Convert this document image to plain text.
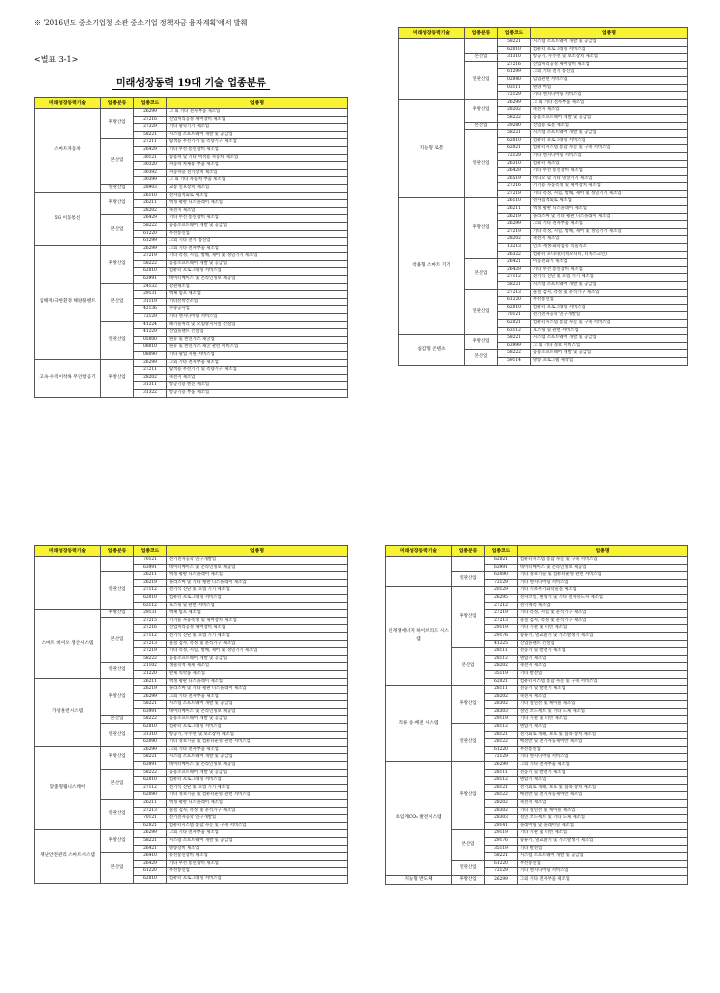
※ '2016년도 중소기업청 소관 중소기업 정책자금 융자계획'에서 발췌
<별표 3-1>
미래성장동력 19대 기술 업종분류
미래성장동력기술	업종분류	업종코드	업종명
스마트자동차	후방산업	26299	그 외 기타 전자부품 제조업
		27216	산업처리공정 제어장비 제조업
		27329	기타 광학기기 제조업
		58221	시스템 소프트웨어 개발 및 공급업
	본산업	27211	탐색용 무선기기 및 측량기구 제조업
		26429	기타 무선 통신장비 제조업
		30121	승용차 및 기타 여객용 자동차 제조업
		30320	자동차 차체용 부품 제조업
		30392	자동차용 전기장치 제조업
		30399	그 외 기타 자동차 부품 제조업
	연관산업	28903	교통 신호장치 제조업
5G 이동통신	후방산업	26110	전자집적회로 제조업
		26211	액정 평판 디스플레이 제조업
		28202	축전지 제조업
	본산업	26429	기타 무선 통신장비 제조업
		58222	응용소프트웨어 개발 및 공급업
		61220	무선통신업
		61299	그외 기타 전기 통신업
심해저/극한환경 해양플랜트	후방산업	26299	그외 기타 전자부품 제조업
		27219	기타 측정, 시험, 항해, 제어 및 정밀기기 제조업
		58222	응용소프트웨어 개발 및 공급업
		62010	컴퓨터 프로그래밍 서비스업
		63991	데이터베이스 및 온라인정보 제공업
	본산업	24132	강관제조업
		29131	액체 펌프 제조업
		31119	기타선박건조업
		42136	수중공사업
		72129	기타 엔지니어링 서비스업
	연관산업	41224	폐기물처리 및 오염방지시설 건설업
		41229	산업플랜트 건설업
		05000	원유 및 천연가스 채굴업
		08010	원유 및 천연가스 채굴 관련 서비스업
		08090	기타 광업 지원 서비스업
고속·수직이착륙 무인항공기	후방산업	26299	그외 기타 전자부품 제조업
		27211	탐색용 무선기기 및 측량기구 제조업
		28202	축전지 제조업
		31311	항공기용 엔진 제조업
		31322	항공기용 부품 제조업
미래성장동력기술	업종분류	업종코드	업종명
		58221	시스템 소프트웨어 개발 및 공급업
		62010	컴퓨터 프로그래밍 서비스업
	본산업	31310	항공기, 우주선 및 보조장치 제조업
	연관산업	27216	산업처리공정 제어장비 제조업
		61299	그외 기타 전기 통신업
		02040	임업관련 서비스업
		03111	원양 어업
		72129	기타 엔지니어링 서비스업
지능형 로봇	후방산업	26299	그 외 기타 전자부품 제조업
		28202	축전지 제조업
		58222	응용소프트웨어 개발 및 공급업
	본산업	29280	산업용 로봇 제조업
	연관산업	58221	시스템 소프트웨어 개발 및 공급업
		62010	컴퓨터 프로그래밍 서비스업
		62021	컴퓨터시스템 통합 자문 및 구축 서비스업
		72129	기타 엔지니어링 서비스업
		26310	컴퓨터 제조업
		26429	기타 무선 통신장비 제조업
		26519	비디오 및 기타 영상기기 제조업
		27216	기기용 자동측정 및 제어장치 제조업
		27219	기타 측정, 시험, 항해, 제어 및 정밀기기 제조업
착용형 스마트 기기	후방산업	26110	전자집적회로 제조업
		26211	액정 평판 디스플레이 제조업
		26219	플라즈마 및 기타 평판 디스플레이 제조업
		26299	그외 기타 전자부품 제조업
		27219	기타 측정, 시험, 항해, 제어 및 정밀기기 제조업
		28202	축전지 제조업
		13213	인조·재생·화학섬유 직물직조
		26322	컴퓨터 모니터(터치모니터, 터치스크린)
	본산업	26421	이동전화기 제조업
		26429	기타 무선 통신장비 제조업
		27112	전기식 진단 및 요법 기기 제조업
		58221	시스템 소프트웨어 개발 및 공급업
	연관산업	27213	물질 검사, 측정 및 분석기구 제조업
		61220	무선통신업
		62010	컴퓨터 프로그래밍 서비스업
		70121	전기전자공학 연구개발업
		62021	컴퓨터시스템 통합 자문 및 구축 서비스업
		63112	호스팅 및 관련 서비스업
실감형 콘텐츠	후방산업	58221	시스템 소프트웨어 개발 및 공급업
		63999	그 외 기타 정보 서비스업
	본산업	58222	응용소프트웨어 개발 및 공급업
		59114	방송 프로그램 제작업
미래성장동력기술	업종분류	업종코드	업종명
		70121	전기전자공학 연구개발업
		63991	데이터베이스 및 온라인정보 제공업
	연관산업	26211	액정 평판 디스플레이 제조업
		26219	플라즈마 및 기타 평판 디스플레이 제조업
		27112	전기식 진단 및 요법 기기 제조업
		62010	컴퓨터 프로그래밍 서비스업
		63112	호스팅 및 관련 서비스업
스마트 바이오 생산시스템	후방산업	29131	액체 펌프 제조업
	본산업	27215	기기용 자동측정 및 제어장치 제조업
		27216	산업처리공정 제어장비 제조업
		27112	전기식 진단 및 요법 기기 제조업
		27213	물질 검사, 측정 및 분석기구 제조업
		27219	기타 측정, 시험, 항해, 제어 및 정밀기기 제조업
		58222	응용소프트웨어 개발 및 공급업
	연관산업	21102	생물학적 제제 제조업
		21220	완제 의약품 제조업
가상훈련시스템	후방산업	26211	액정 평판 디스플레이 제조업
		26219	플라즈마 및 기타 평판 디스플레이 제조업
		26299	그외 기타 전자부품 제조업
		58221	시스템 소프트웨어 개발 및 공급업
		63991	데이터베이스 및 온라인정보 제공업
	본산업	58222	응용소프트웨어 개발 및 공급업
	연관산업	62010	컴퓨터 프로그래밍 서비스업
		31310	항공기, 우주선 및 보조장치 제조업
		62090	기타 정보기술 및 컴퓨터운영 관련 서비스업
맞춤형웰니스케어	후방산업	26299	그외 기타 전자부품 제조업
		58221	시스템 소프트웨어 개발 및 공급업
		63991	데이터베이스 및 온라인정보 제공업
	본산업	58222	응용소프트웨어 개발 및 공급업
		62010	컴퓨터 프로그래밍 서비스업
		27112	전기식 진단 및 요법 기기 제조업
		62090	기타 정보기술 및 컴퓨터운영 관련 서비스업
	연관산업	26211	액정 평판 디스플레이 제조업
		27213	물질 검사, 측정 및 분석기구 제조업
		70121	전기전자공학 연구개발업
		62021	컴퓨터시스템 통합 자문 및 구축 서비스업
재난안전관리 스마트시스템	후방산업	26299	그외 기타 전자부품 제조업
		58221	시스템 소프트웨어 개발 및 공급업
		26421	방송장비 제조업
	본산업	26410	유선통신장비 제조업
		26429	기타 무선 통신장비 제조업
		61220	무선통신업
		62010	컴퓨터 프로그래밍 서비스업
미래성장동력기술	업종분류	업종코드	업종명
		62021	컴퓨터시스템 통합 자문 및 구축 서비스업
		63991	데이터베이스 및 온라인정보 제공업
	연관산업	62090	기타 정보기술 및 컴퓨터운영 관련 서비스업
		72129	기타 엔지니어링 서비스업
신재생에너지 하이브리드 시스템	후방산업	20129	기타 기초무기화학물질 제조업
		26295	전자코일, 변성기 및 기타 전자유도자 제조업
		27212	전기계측 제조업
		27219	기타 측정, 시험 및 분석기구 제조업
		27213	물질 검사, 측정 및 분석기구 제조업
		29119	기타 기관 및 터빈 제조업
		29176	증류기, 열교환기 및 가스발생기 제조업
		41225	산업플랜트 건설업
	본산업	28111	전동기 및 발전기 제조업
		28112	변압기 제조업
		28202	축전지 제조업
		35119	기타 발전업
		62021	컴퓨터시스템 통합 자문 및 구축 서비스업
직류 송·배전 시스템	후방산업	28111	전동기 및 발전기 제조업
		28202	축전지 제조업
		28302	기타 절연선 및 케이블 제조업
		28303	절연 코드세트 및 기타 도체 제조업
		29119	기타 기관 및 터빈 제조업
	연관산업	28112	변압기 제조업
		28121	전기회로 개폐, 보호 및 접속 장치 제조업
		28122	배전반 및 전기자동제어반 제조업
		61220	무선통신업
		72129	기타 엔지니어링 서비스업
초임계CO₂ 발전시스템	후방산업	26299	그외 기타 전자부품 제조업
		28111	전동기 및 발전기 제조업
		28112	변압기 제조업
		28121	전기회로 개폐, 보호 및 접속 장치 제조업
		28122	배전반 및 전기자동제어반 제조업
		28202	축전지 제조업
		28302	기타 절연선 및 케이블 제조업
		28303	절연 코드세트 및 기타 도체 제조업
		29141	플레어링 및 플레이밍 제조업
	본산업	29119	기타 기관 및 터빈 제조업
		29176	증류기, 열교환기 및 가스발생기 제조업
		35119	기타 발전업
		58221	시스템 소프트웨어 개발 및 공급업
	연관산업	61220	무선통신업
		72129	기타 엔지니어링 서비스업
지능형 반도체	후방산업	26299	그외 기타 전자부품 제조업
